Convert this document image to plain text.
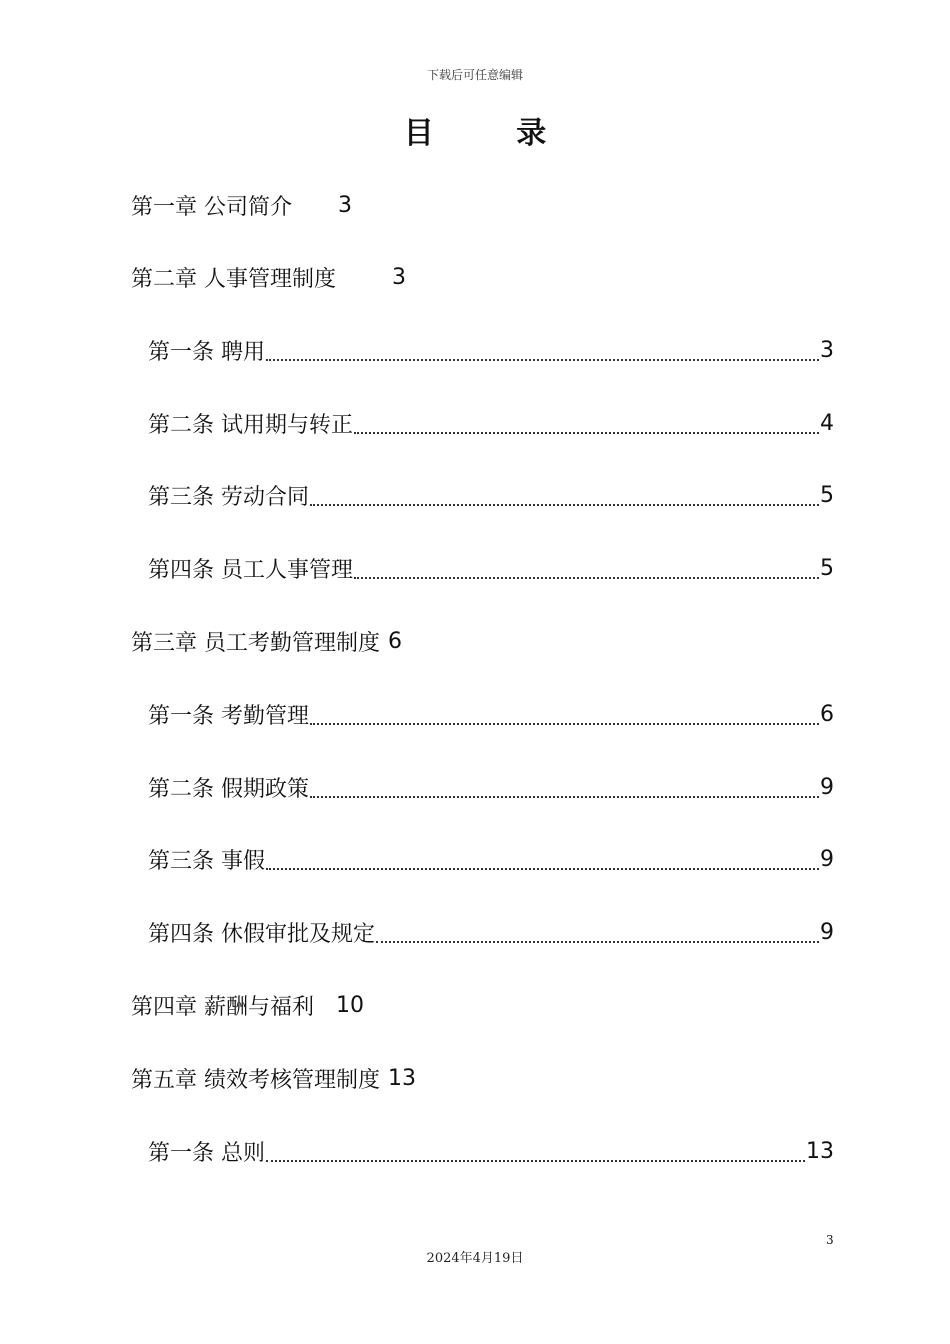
下载后可任意编辑
目 录
第一章 公司简介 3
第二章 人事管理制度	3
第一条 聘用	3
第二条 试用期与转正	4
第三条 劳动合同	5
第四条 员工人事管理	5
第三章 员工考勤管理制度 6
第一条 考勤管理	6
第二条 假期政策	9
第三条 事假	9
第四条 休假审批及规定	9
第四章 薪酬与福利 10
第五章 绩效考核管理制度 13
第一条 总则	13
3
2024年4月19日
